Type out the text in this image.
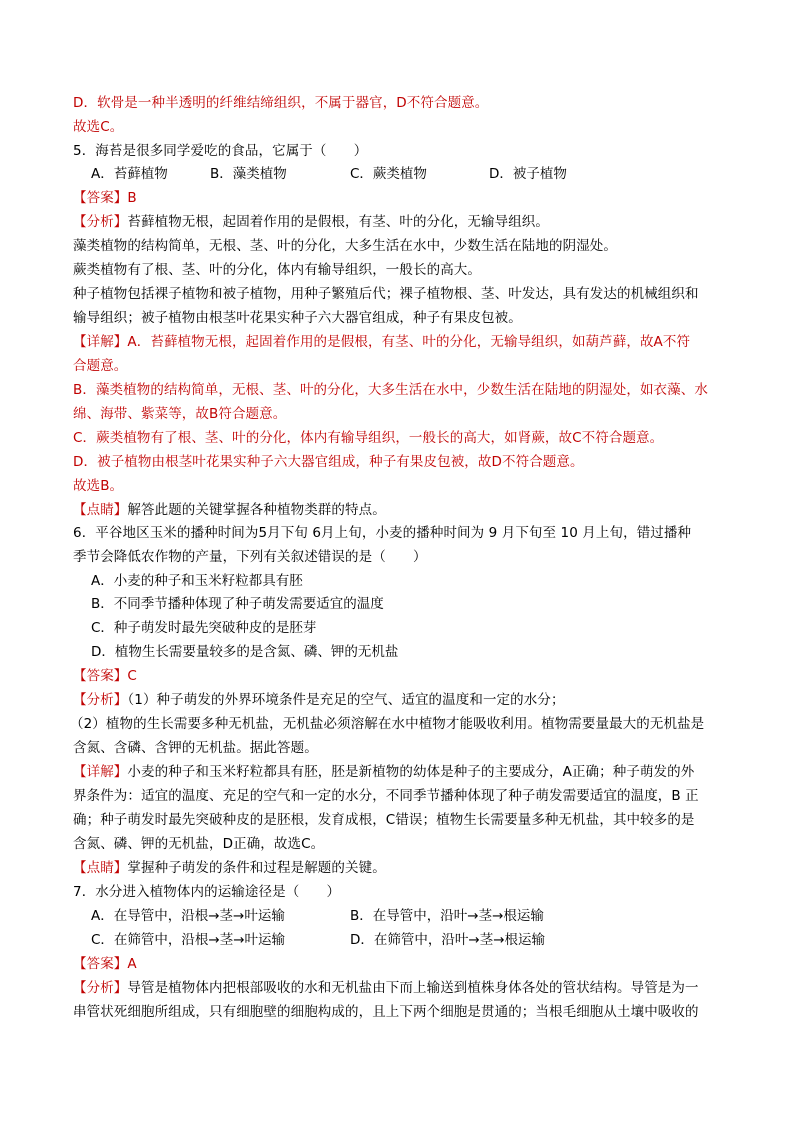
D．软骨是一种半透明的纤维结缔组织，不属于器官，D不符合题意。
故选C。
5．海苔是很多同学爱吃的食品，它属于（　　）
A．苔藓植物	B．藻类植物	C．蕨类植物	D．被子植物
【答案】B
【分析】苔藓植物无根，起固着作用的是假根，有茎、叶的分化，无输导组织。
藻类植物的结构简单，无根、茎、叶的分化，大多生活在水中，少数生活在陆地的阴湿处。
蕨类植物有了根、茎、叶的分化，体内有输导组织，一般长的高大。
种子植物包括裸子植物和被子植物，用种子繁殖后代；裸子植物根、茎、叶发达，具有发达的机械组织和
输导组织；被子植物由根茎叶花果实种子六大器官组成，种子有果皮包被。
【详解】A．苔藓植物无根，起固着作用的是假根，有茎、叶的分化，无输导组织，如葫芦藓，故A不符
合题意。
B．藻类植物的结构简单，无根、茎、叶的分化，大多生活在水中，少数生活在陆地的阴湿处，如衣藻、水
绵、海带、紫菜等，故B符合题意。
C．蕨类植物有了根、茎、叶的分化，体内有输导组织，一般长的高大，如肾蕨，故C不符合题意。
D．被子植物由根茎叶花果实种子六大器官组成，种子有果皮包被，故D不符合题意。
故选B。
【点睛】解答此题的关键掌握各种植物类群的特点。
6．平谷地区玉米的播种时间为5月下旬 6月上旬，小麦的播种时间为 9 月下旬至 10 月上旬，错过播种
季节会降低农作物的产量，下列有关叙述错误的是（　　）
A．小麦的种子和玉米籽粒都具有胚
B．不同季节播种体现了种子萌发需要适宜的温度
C．种子萌发时最先突破种皮的是胚芽
D．植物生长需要量较多的是含氮、磷、钾的无机盐
【答案】C
【分析】（1）种子萌发的外界环境条件是充足的空气、适宜的温度和一定的水分；
（2）植物的生长需要多种无机盐，无机盐必须溶解在水中植物才能吸收利用。植物需要量最大的无机盐是
含氮、含磷、含钾的无机盐。据此答题。
【详解】小麦的种子和玉米籽粒都具有胚，胚是新植物的幼体是种子的主要成分，A正确；种子萌发的外
界条件为：适宜的温度、充足的空气和一定的水分，不同季节播种体现了种子萌发需要适宜的温度，B 正
确；种子萌发时最先突破种皮的是胚根，发育成根，C错误；植物生长需要量多种无机盐，其中较多的是
含氮、磷、钾的无机盐，D正确，故选C。
【点睛】掌握种子萌发的条件和过程是解题的关键。
7．水分进入植物体内的运输途径是（　　）
A．在导管中，沿根→茎→叶运输	B．在导管中，沿叶→茎→根运输
C．在筛管中，沿根→茎→叶运输	D．在筛管中，沿叶→茎→根运输
【答案】A
【分析】导管是植物体内把根部吸收的水和无机盐由下而上输送到植株身体各处的管状结构。导管是为一
串管状死细胞所组成，只有细胞壁的细胞构成的，且上下两个细胞是贯通的；当根毛细胞从土壤中吸收的
